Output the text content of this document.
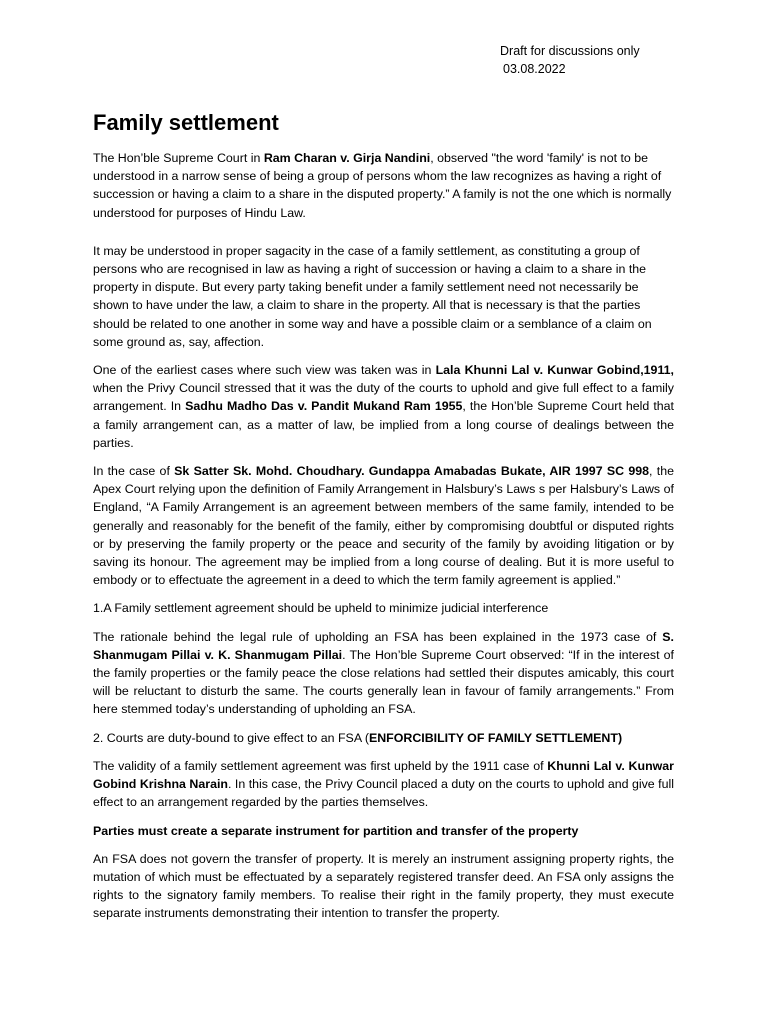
Draft for discussions only
03.08.2022
Family settlement

The Hon’ble Supreme Court in Ram Charan v. Girja Nandini, observed "the word 'family' is not to be understood in a narrow sense of being a group of persons whom the law recognizes as having a right of succession or having a claim to a share in the disputed property.” A family is not the one which is normally understood for purposes of Hindu Law.

It may be understood in proper sagacity in the case of a family settlement, as constituting a group of persons who are recognised in law as having a right of succession or having a claim to a share in the property in dispute. But every party taking benefit under a family settlement need not necessarily be shown to have under the law, a claim to share in the property. All that is necessary is that the parties should be related to one another in some way and have a possible claim or a semblance of a claim on some ground as, say, affection.

One of the earliest cases where such view was taken was in Lala Khunni Lal v. Kunwar Gobind,1911, when the Privy Council stressed that it was the duty of the courts to uphold and give full effect to a family arrangement. In Sadhu Madho Das v. Pandit Mukand Ram 1955, the Hon’ble Supreme Court held that a family arrangement can, as a matter of law, be implied from a long course of dealings between the parties.

In the case of Sk Satter Sk. Mohd. Choudhary. Gundappa Amabadas Bukate, AIR 1997 SC 998, the Apex Court relying upon the definition of Family Arrangement in Halsbury’s Laws s per Halsbury’s Laws of England, “A Family Arrangement is an agreement between members of the same family, intended to be generally and reasonably for the benefit of the family, either by compromising doubtful or disputed rights or by preserving the family property or the peace and security of the family by avoiding litigation or by saving its honour. The agreement may be implied from a long course of dealing. But it is more useful to embody or to effectuate the agreement in a deed to which the term family agreement is applied.”

1.A Family settlement agreement should be upheld to minimize judicial interference

The rationale behind the legal rule of upholding an FSA has been explained in the 1973 case of S. Shanmugam Pillai v. K. Shanmugam Pillai. The Hon’ble Supreme Court observed: “If in the interest of the family properties or the family peace the close relations had settled their disputes amicably, this court will be reluctant to disturb the same. The courts generally lean in favour of family arrangements.” From here stemmed today’s understanding of upholding an FSA.

2. Courts are duty-bound to give effect to an FSA (ENFORCIBILITY OF FAMILY SETTLEMENT)

The validity of a family settlement agreement was first upheld by the 1911 case of Khunni Lal v. Kunwar Gobind Krishna Narain. In this case, the Privy Council placed a duty on the courts to uphold and give full effect to an arrangement regarded by the parties themselves.

Parties must create a separate instrument for partition and transfer of the property

An FSA does not govern the transfer of property. It is merely an instrument assigning property rights, the mutation of which must be effectuated by a separately registered transfer deed. An FSA only assigns the rights to the signatory family members. To realise their right in the family property, they must execute separate instruments demonstrating their intention to transfer the property.
